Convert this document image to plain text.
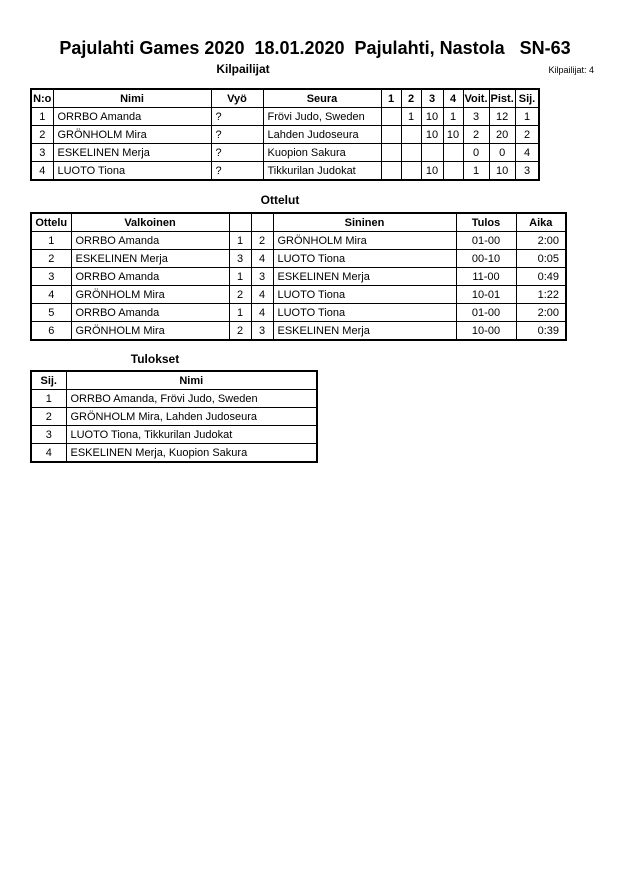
Pajulahti Games 2020  18.01.2020  Pajulahti, Nastola   SN-63
Kilpailijat	Kilpailijat: 4
N:o	Nimi	Vyö	Seura	1	2	3	4	Voit.	Pist.	Sij.
1	ORRBO Amanda	?	Frövi Judo, Sweden		1	10	1	3	12	1
2	GRÖNHOLM Mira	?	Lahden Judoseura			10	10	2	20	2
3	ESKELINEN Merja	?	Kuopion Sakura					0	0	4
4	LUOTO Tiona	?	Tikkurilan Judokat			10		1	10	3
Ottelut
Ottelu	Valkoinen			Sininen	Tulos	Aika
1	ORRBO Amanda	1	2	GRÖNHOLM Mira	01-00	2:00
2	ESKELINEN Merja	3	4	LUOTO Tiona	00-10	0:05
3	ORRBO Amanda	1	3	ESKELINEN Merja	11-00	0:49
4	GRÖNHOLM Mira	2	4	LUOTO Tiona	10-01	1:22
5	ORRBO Amanda	1	4	LUOTO Tiona	01-00	2:00
6	GRÖNHOLM Mira	2	3	ESKELINEN Merja	10-00	0:39
Tulokset
Sij.	Nimi
1	ORRBO Amanda, Frövi Judo, Sweden
2	GRÖNHOLM Mira, Lahden Judoseura
3	LUOTO Tiona, Tikkurilan Judokat
4	ESKELINEN Merja, Kuopion Sakura
